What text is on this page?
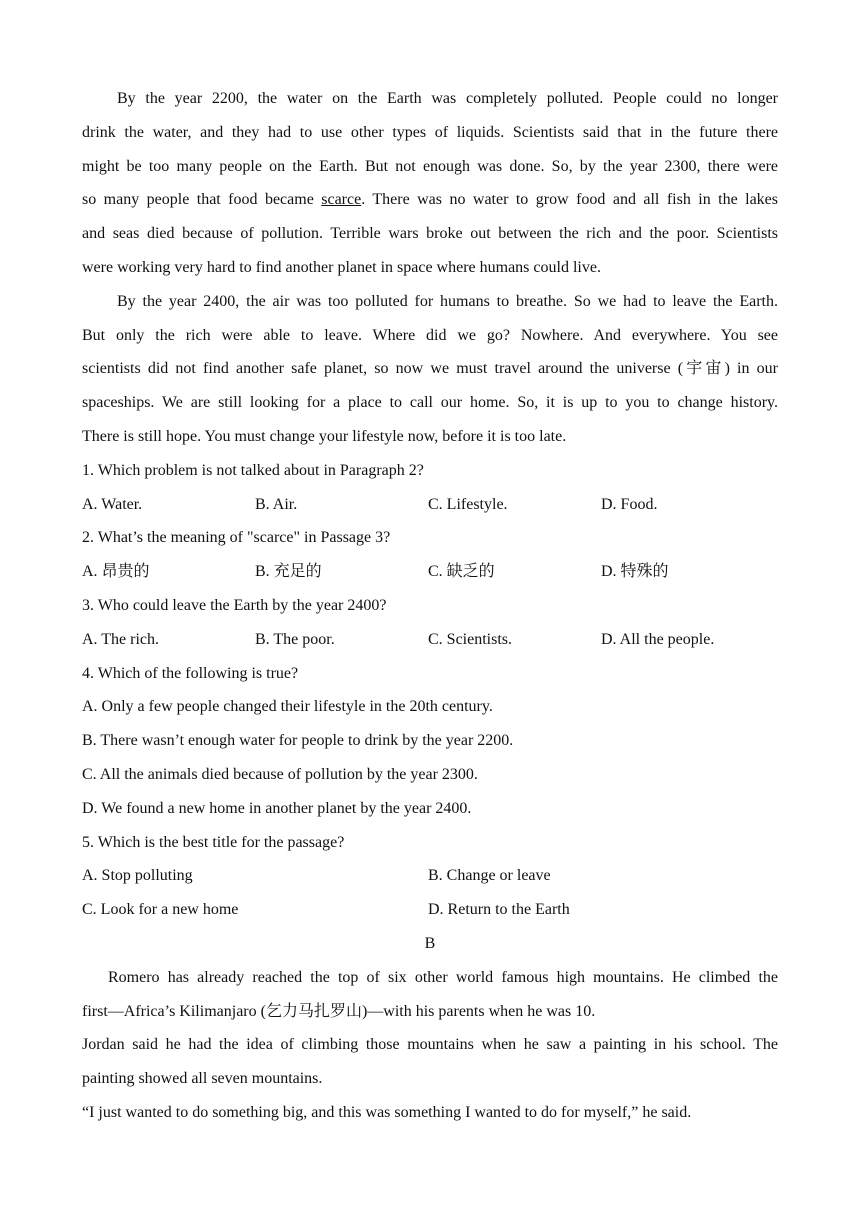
By the year 2200, the water on the Earth was completely polluted. People could no longer
drink the water, and they had to use other types of liquids. Scientists said that in the future there
might be too many people on the Earth. But not enough was done. So, by the year 2300, there were
so many people that food became scarce. There was no water to grow food and all fish in the lakes
and seas died because of pollution. Terrible wars broke out between the rich and the poor. Scientists
were working very hard to find another planet in space where humans could live.
By the year 2400, the air was too polluted for humans to breathe. So we had to leave the Earth.
But only the rich were able to leave. Where did we go? Nowhere. And everywhere. You see
scientists did not find another safe planet, so now we must travel around the universe (宇宙) in our
spaceships. We are still looking for a place to call our home. So, it is up to you to change history.
There is still hope. You must change your lifestyle now, before it is too late.
1. Which problem is not talked about in Paragraph 2?
A. Water.	B. Air.	C. Lifestyle.	D. Food.
2. What’s the meaning of "scarce" in Passage 3?
A. 昂贵的	B. 充足的	C. 缺乏的	D. 特殊的
3. Who could leave the Earth by the year 2400?
A. The rich.	B. The poor.	C. Scientists.	D. All the people.
4. Which of the following is true?
A. Only a few people changed their lifestyle in the 20th century.
B. There wasn’t enough water for people to drink by the year 2200.
C. All the animals died because of pollution by the year 2300.
D. We found a new home in another planet by the year 2400.
5. Which is the best title for the passage?
A. Stop polluting	B. Change or leave
C. Look for a new home	D. Return to the Earth
B
Romero has already reached the top of six other world famous high mountains. He climbed the
first—Africa’s Kilimanjaro (乞力马扎罗山)—with his parents when he was 10.
Jordan said he had the idea of climbing those mountains when he saw a painting in his school. The
painting showed all seven mountains.
“I just wanted to do something big, and this was something I wanted to do for myself,” he said.
